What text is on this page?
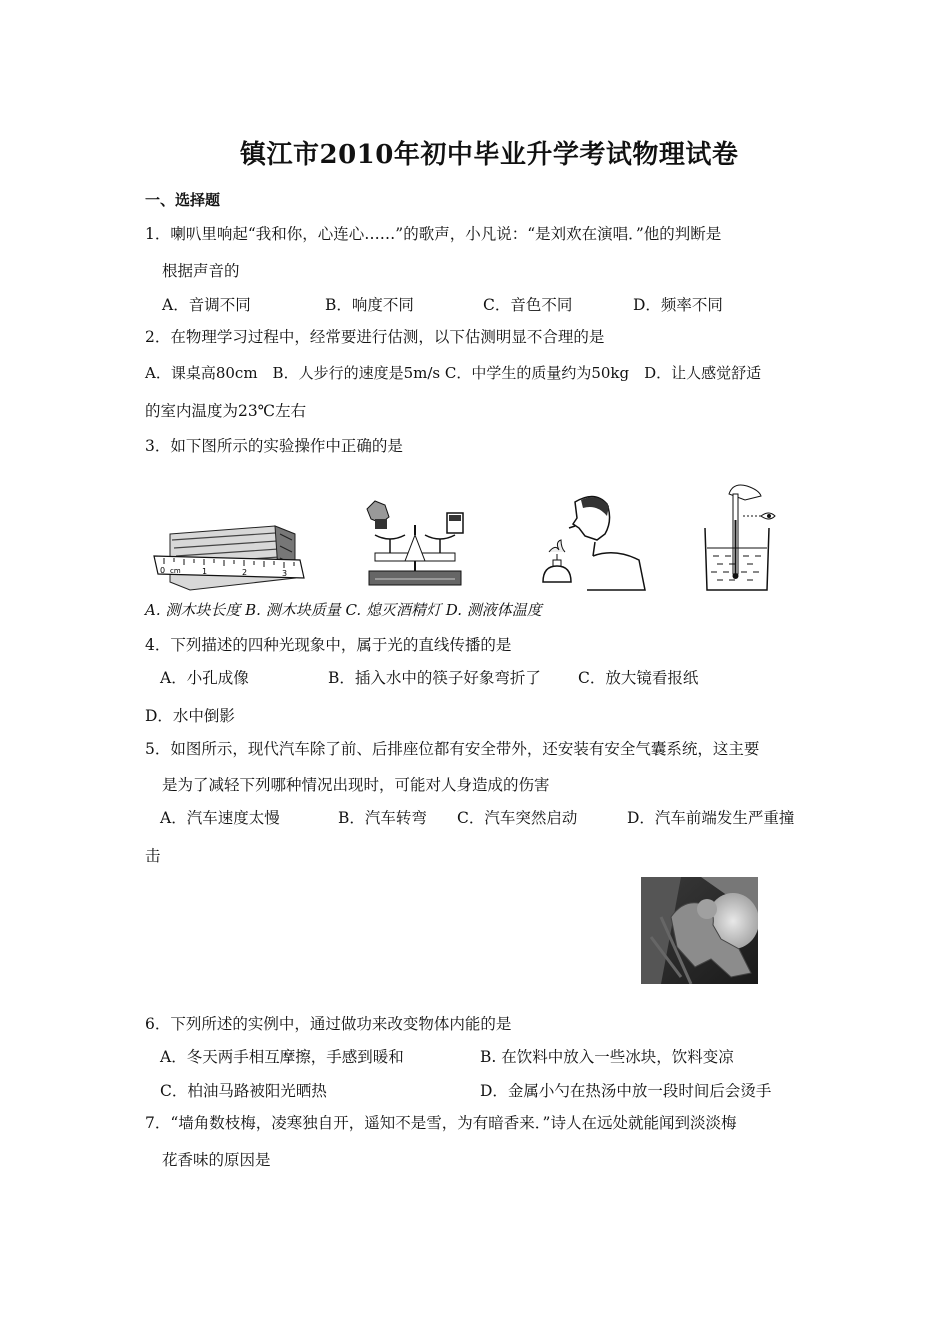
镇江市2010年初中毕业升学考试物理试卷
一、选择题
1．喇叭里响起“我和你，心连心……”的歌声，小凡说：“是刘欢在演唱．”他的判断是
根据声音的
A．音调不同	B．响度不同	C．音色不同	D．频率不同
2．在物理学习过程中，经常要进行估测，以下估测明显不合理的是
A．课桌高80cm　B．人步行的速度是5m/s C．中学生的质量约为50kg　D．让人感觉舒适
的室内温度为23℃左右
3．如下图所示的实验操作中正确的是
0 cm	1	2	3
A. 测木块长度 B. 测木块质量 C. 熄灭酒精灯 D. 测液体温度
4．下列描述的四种光现象中，属于光的直线传播的是
A．小孔成像	B．插入水中的筷子好象弯折了 C．放大镜看报纸
D．水中倒影
5．如图所示，现代汽车除了前、后排座位都有安全带外，还安装有安全气囊系统，这主要
是为了减轻下列哪种情况出现时，可能对人身造成的伤害
A．汽车速度太慢	B．汽车转弯 C．汽车突然启动	D．汽车前端发生严重撞
击
6．下列所述的实例中，通过做功来改变物体内能的是
A．冬天两手相互摩擦，手感到暖和	B. 在饮料中放入一些冰块，饮料变凉
C．柏油马路被阳光晒热	D．金属小勺在热汤中放一段时间后会烫手
7．“墙角数枝梅，凌寒独自开，遥知不是雪，为有暗香来．”诗人在远处就能闻到淡淡梅
花香味的原因是
